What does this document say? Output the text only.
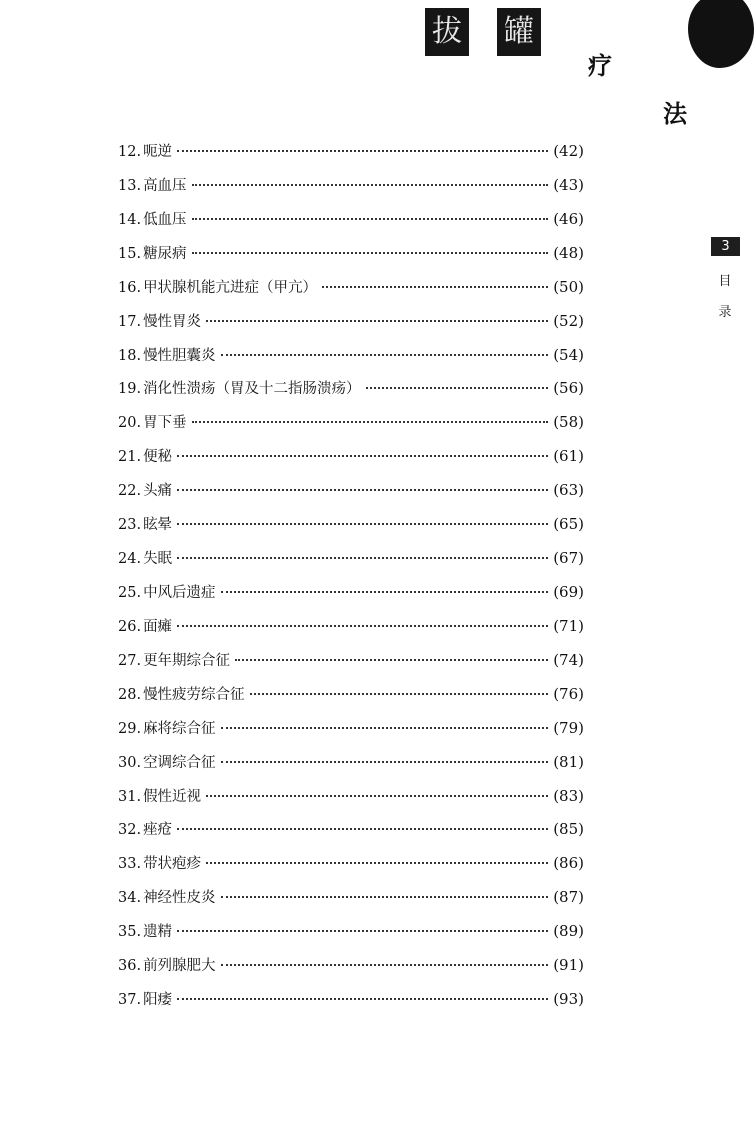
拔 罐
疗
法
3
目
录
12. 呃逆	(42)
13. 高血压	(43)
14. 低血压	(46)
15. 糖尿病	(48)
16. 甲状腺机能亢进症（甲亢）	(50)
17. 慢性胃炎	(52)
18. 慢性胆囊炎	(54)
19. 消化性溃疡（胃及十二指肠溃疡）	(56)
20. 胃下垂	(58)
21. 便秘	(61)
22. 头痛	(63)
23. 眩晕	(65)
24. 失眠	(67)
25. 中风后遗症	(69)
26. 面瘫	(71)
27. 更年期综合征	(74)
28. 慢性疲劳综合征	(76)
29. 麻将综合征	(79)
30. 空调综合征	(81)
31. 假性近视	(83)
32. 痤疮	(85)
33. 带状疱疹	(86)
34. 神经性皮炎	(87)
35. 遗精	(89)
36. 前列腺肥大	(91)
37. 阳痿	(93)
